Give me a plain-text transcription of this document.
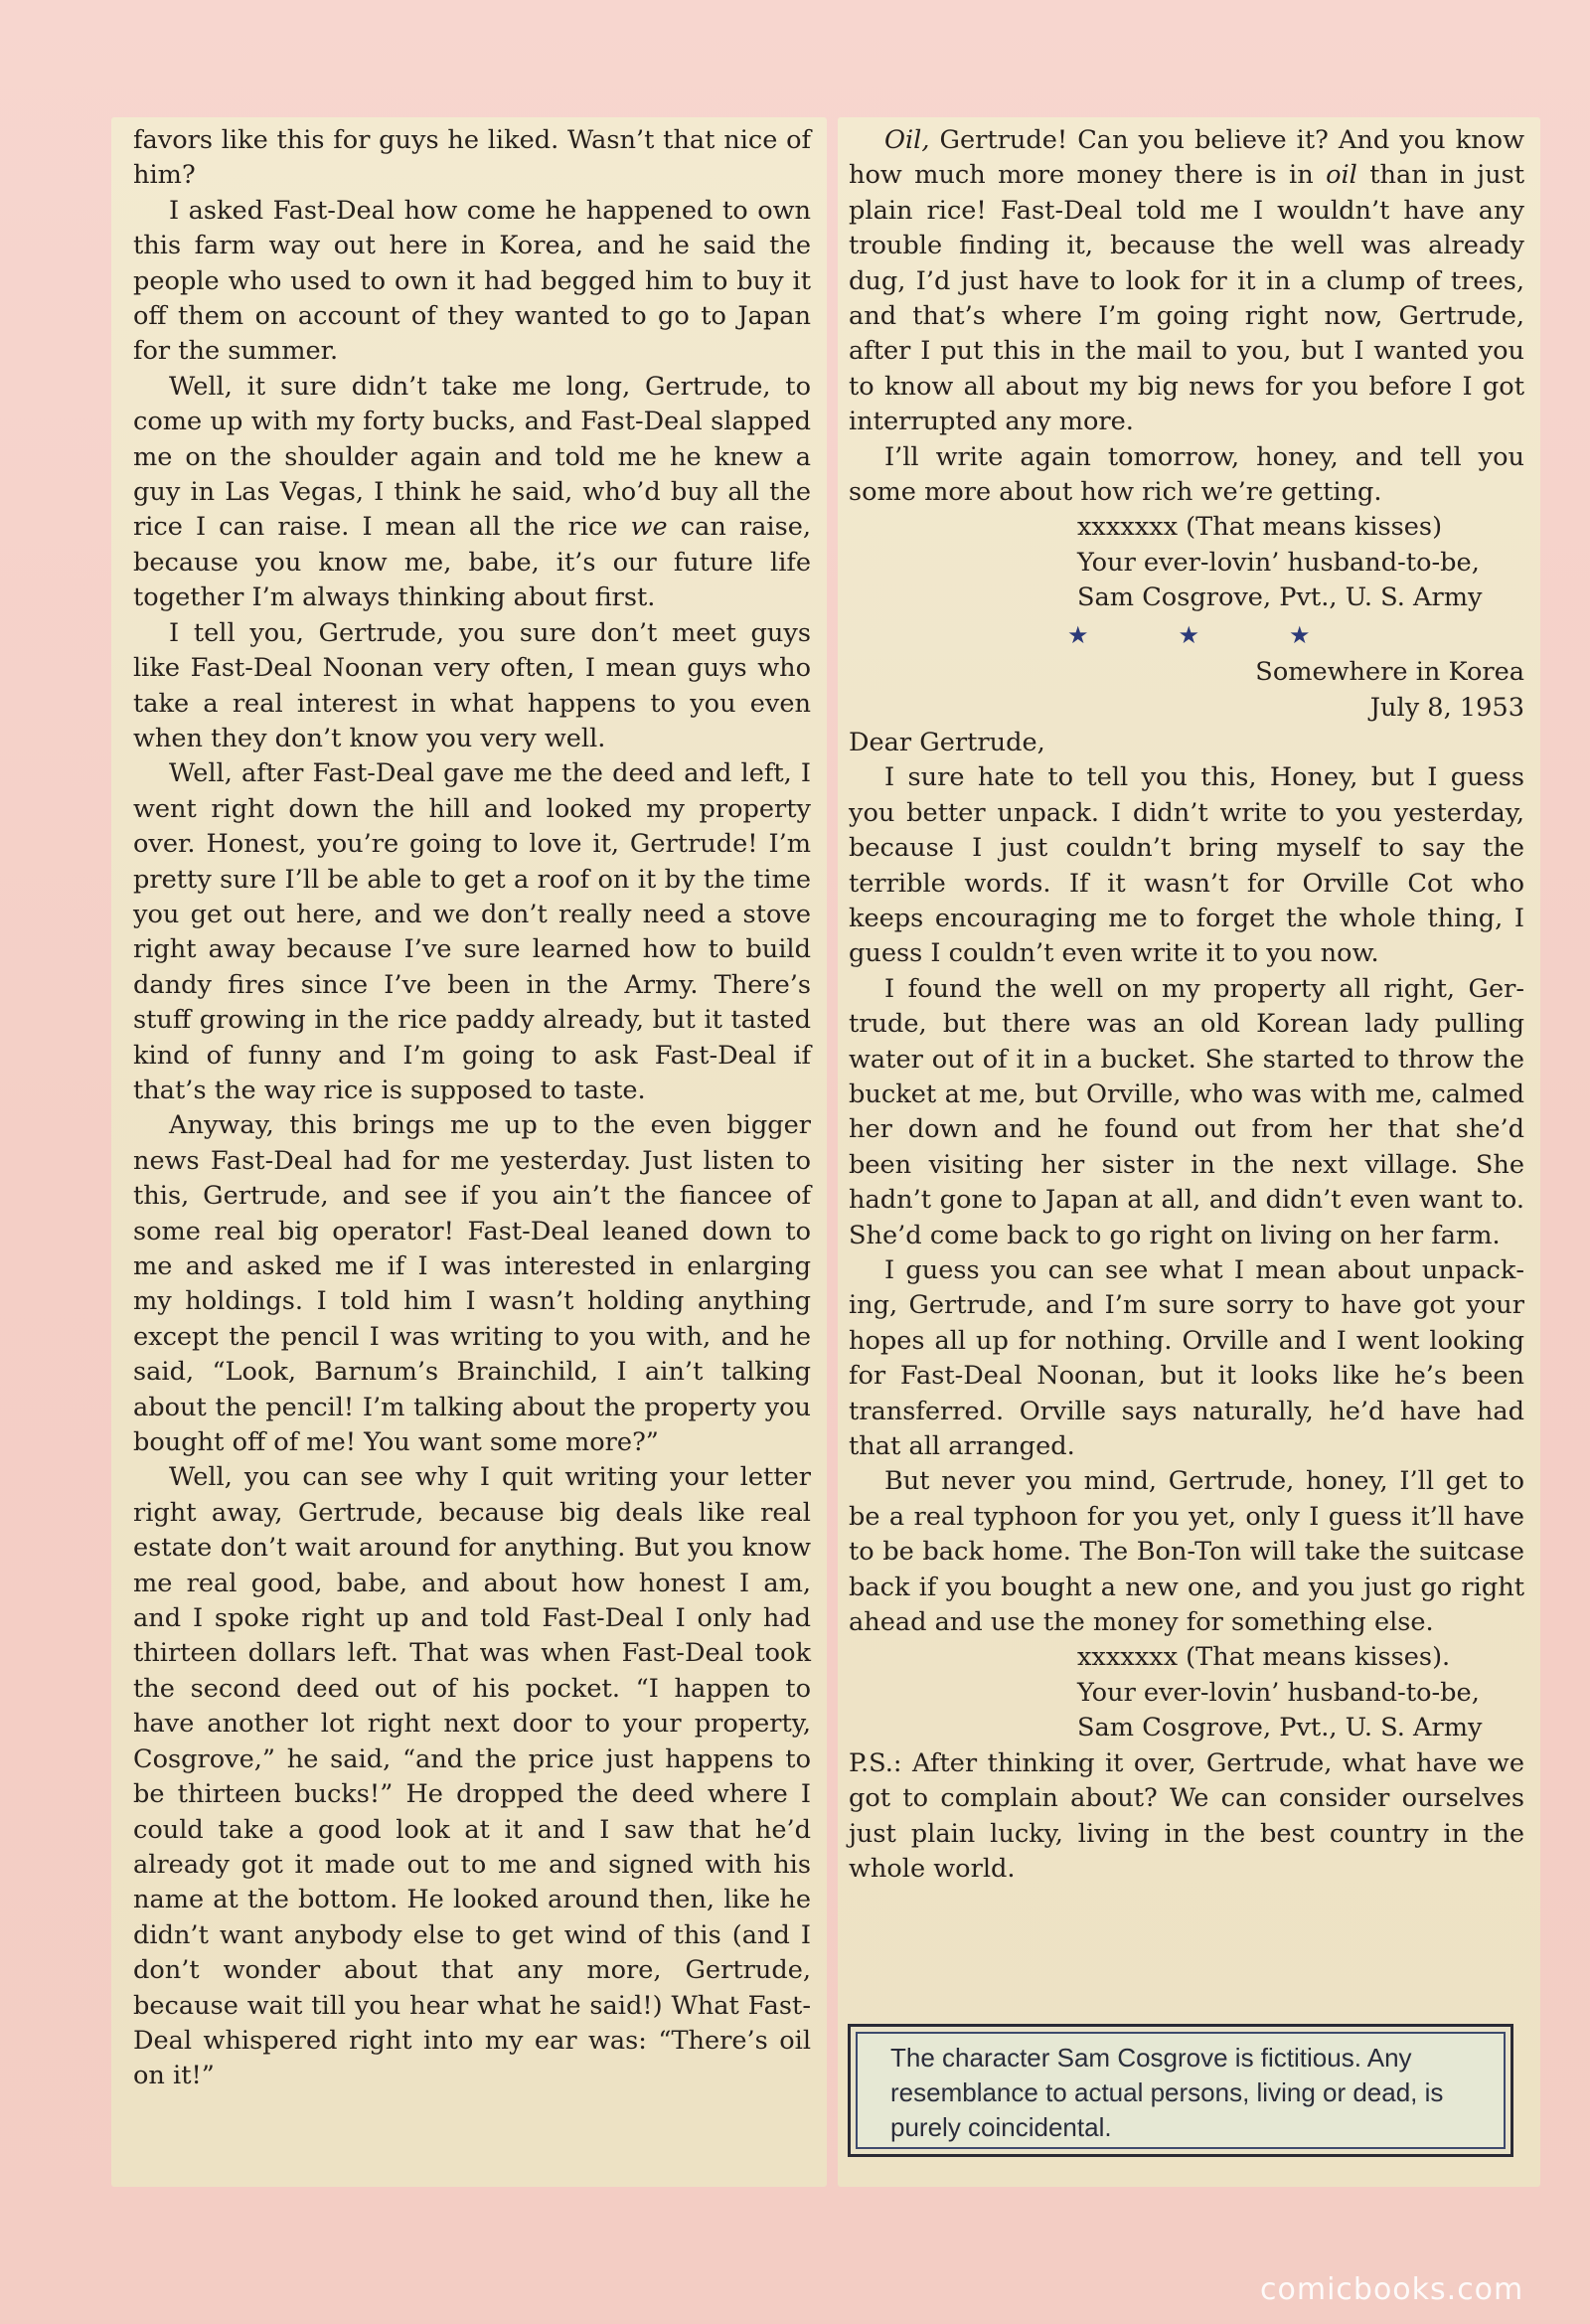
favors like this for guys he liked. Wasn’t that nice of him?

I asked Fast-Deal how come he happened to own this farm way out here in Korea, and he said the people who used to own it had begged him to buy it off them on account of they wanted to go to Japan for the summer.

Well, it sure didn’t take me long, Gertrude, to come up with my forty bucks, and Fast-Deal slapped me on the shoulder again and told me he knew a guy in Las Vegas, I think he said, who’d buy all the rice I can raise. I mean all the rice we can raise, because you know me, babe, it’s our future life together I’m always thinking about first.

I tell you, Gertrude, you sure don’t meet guys like Fast-Deal Noonan very often, I mean guys who take a real interest in what happens to you even when they don’t know you very well.

Well, after Fast-Deal gave me the deed and left, I went right down the hill and looked my property over. Honest, you’re going to love it, Gertrude! I’m pretty sure I’ll be able to get a roof on it by the time you get out here, and we don’t really need a stove right away because I’ve sure learned how to build dandy fires since I’ve been in the Army. There’s stuff growing in the rice paddy already, but it tasted kind of funny and I’m going to ask Fast-Deal if that’s the way rice is supposed to taste.

Anyway, this brings me up to the even bigger news Fast-Deal had for me yesterday. Just listen to this, Gertrude, and see if you ain’t the fiancee of some real big operator! Fast-Deal leaned down to me and asked me if I was interested in enlarging my holdings. I told him I wasn’t holding anything except the pencil I was writing to you with, and he said, “Look, Barnum’s Brainchild, I ain’t talking about the pencil! I’m talking about the property you bought off of me! You want some more?”

Well, you can see why I quit writing your letter right away, Gertrude, because big deals like real estate don’t wait around for anything. But you know me real good, babe, and about how honest I am, and I spoke right up and told Fast-Deal I only had thirteen dollars left. That was when Fast-Deal took the second deed out of his pocket. “I happen to have another lot right next door to your property, Cosgrove,” he said, “and the price just happens to be thirteen bucks!” He dropped the deed where I could take a good look at it and I saw that he’d already got it made out to me and signed with his name at the bottom. He looked around then, like he didn’t want anybody else to get wind of this (and I don’t wonder about that any more, Gertrude, because wait till you hear what he said!) What Fast-Deal whispered right into my ear was: “There’s oil on it!”

Oil, Gertrude! Can you believe it? And you know how much more money there is in oil than in just plain rice! Fast-Deal told me I wouldn’t have any trouble finding it, because the well was already dug, I’d just have to look for it in a clump of trees, and that’s where I’m going right now, Gertrude, after I put this in the mail to you, but I wanted you to know all about my big news for you before I got interrupted any more.

I’ll write again tomorrow, honey, and tell you some more about how rich we’re getting.

xxxxxxx (That means kisses)

Your ever-lovin’ husband-to-be,

Sam Cosgrove, Pvt., U. S. Army

★	★	★

Somewhere in Korea

July 8, 1953

Dear Gertrude,

I sure hate to tell you this, Honey, but I guess you better unpack. I didn’t write to you yesterday, because I just couldn’t bring myself to say the terrible words. If it wasn’t for Orville Cot who keeps encouraging me to forget the whole thing, I guess I couldn’t even write it to you now.

I found the well on my property all right, Gertrude, but there was an old Korean lady pulling water out of it in a bucket. She started to throw the bucket at me, but Orville, who was with me, calmed her down and he found out from her that she’d been visiting her sister in the next village. She hadn’t gone to Japan at all, and didn’t even want to. She’d come back to go right on living on her farm.

I guess you can see what I mean about unpacking, Gertrude, and I’m sure sorry to have got your hopes all up for nothing. Orville and I went looking for Fast-Deal Noonan, but it looks like he’s been transferred. Orville says naturally, he’d have had that all arranged.

But never you mind, Gertrude, honey, I’ll get to be a real typhoon for you yet, only I guess it’ll have to be back home. The Bon-Ton will take the suitcase back if you bought a new one, and you just go right ahead and use the money for something else.

xxxxxxx (That means kisses).

Your ever-lovin’ husband-to-be,

Sam Cosgrove, Pvt., U. S. Army

P.S.: After thinking it over, Gertrude, what have we got to complain about? We can consider ourselves just plain lucky, living in the best country in the whole world.

The character Sam Cosgrove is fictitious. Any resemblance to actual persons, living or dead, is purely coincidental.
comicbooks.com
